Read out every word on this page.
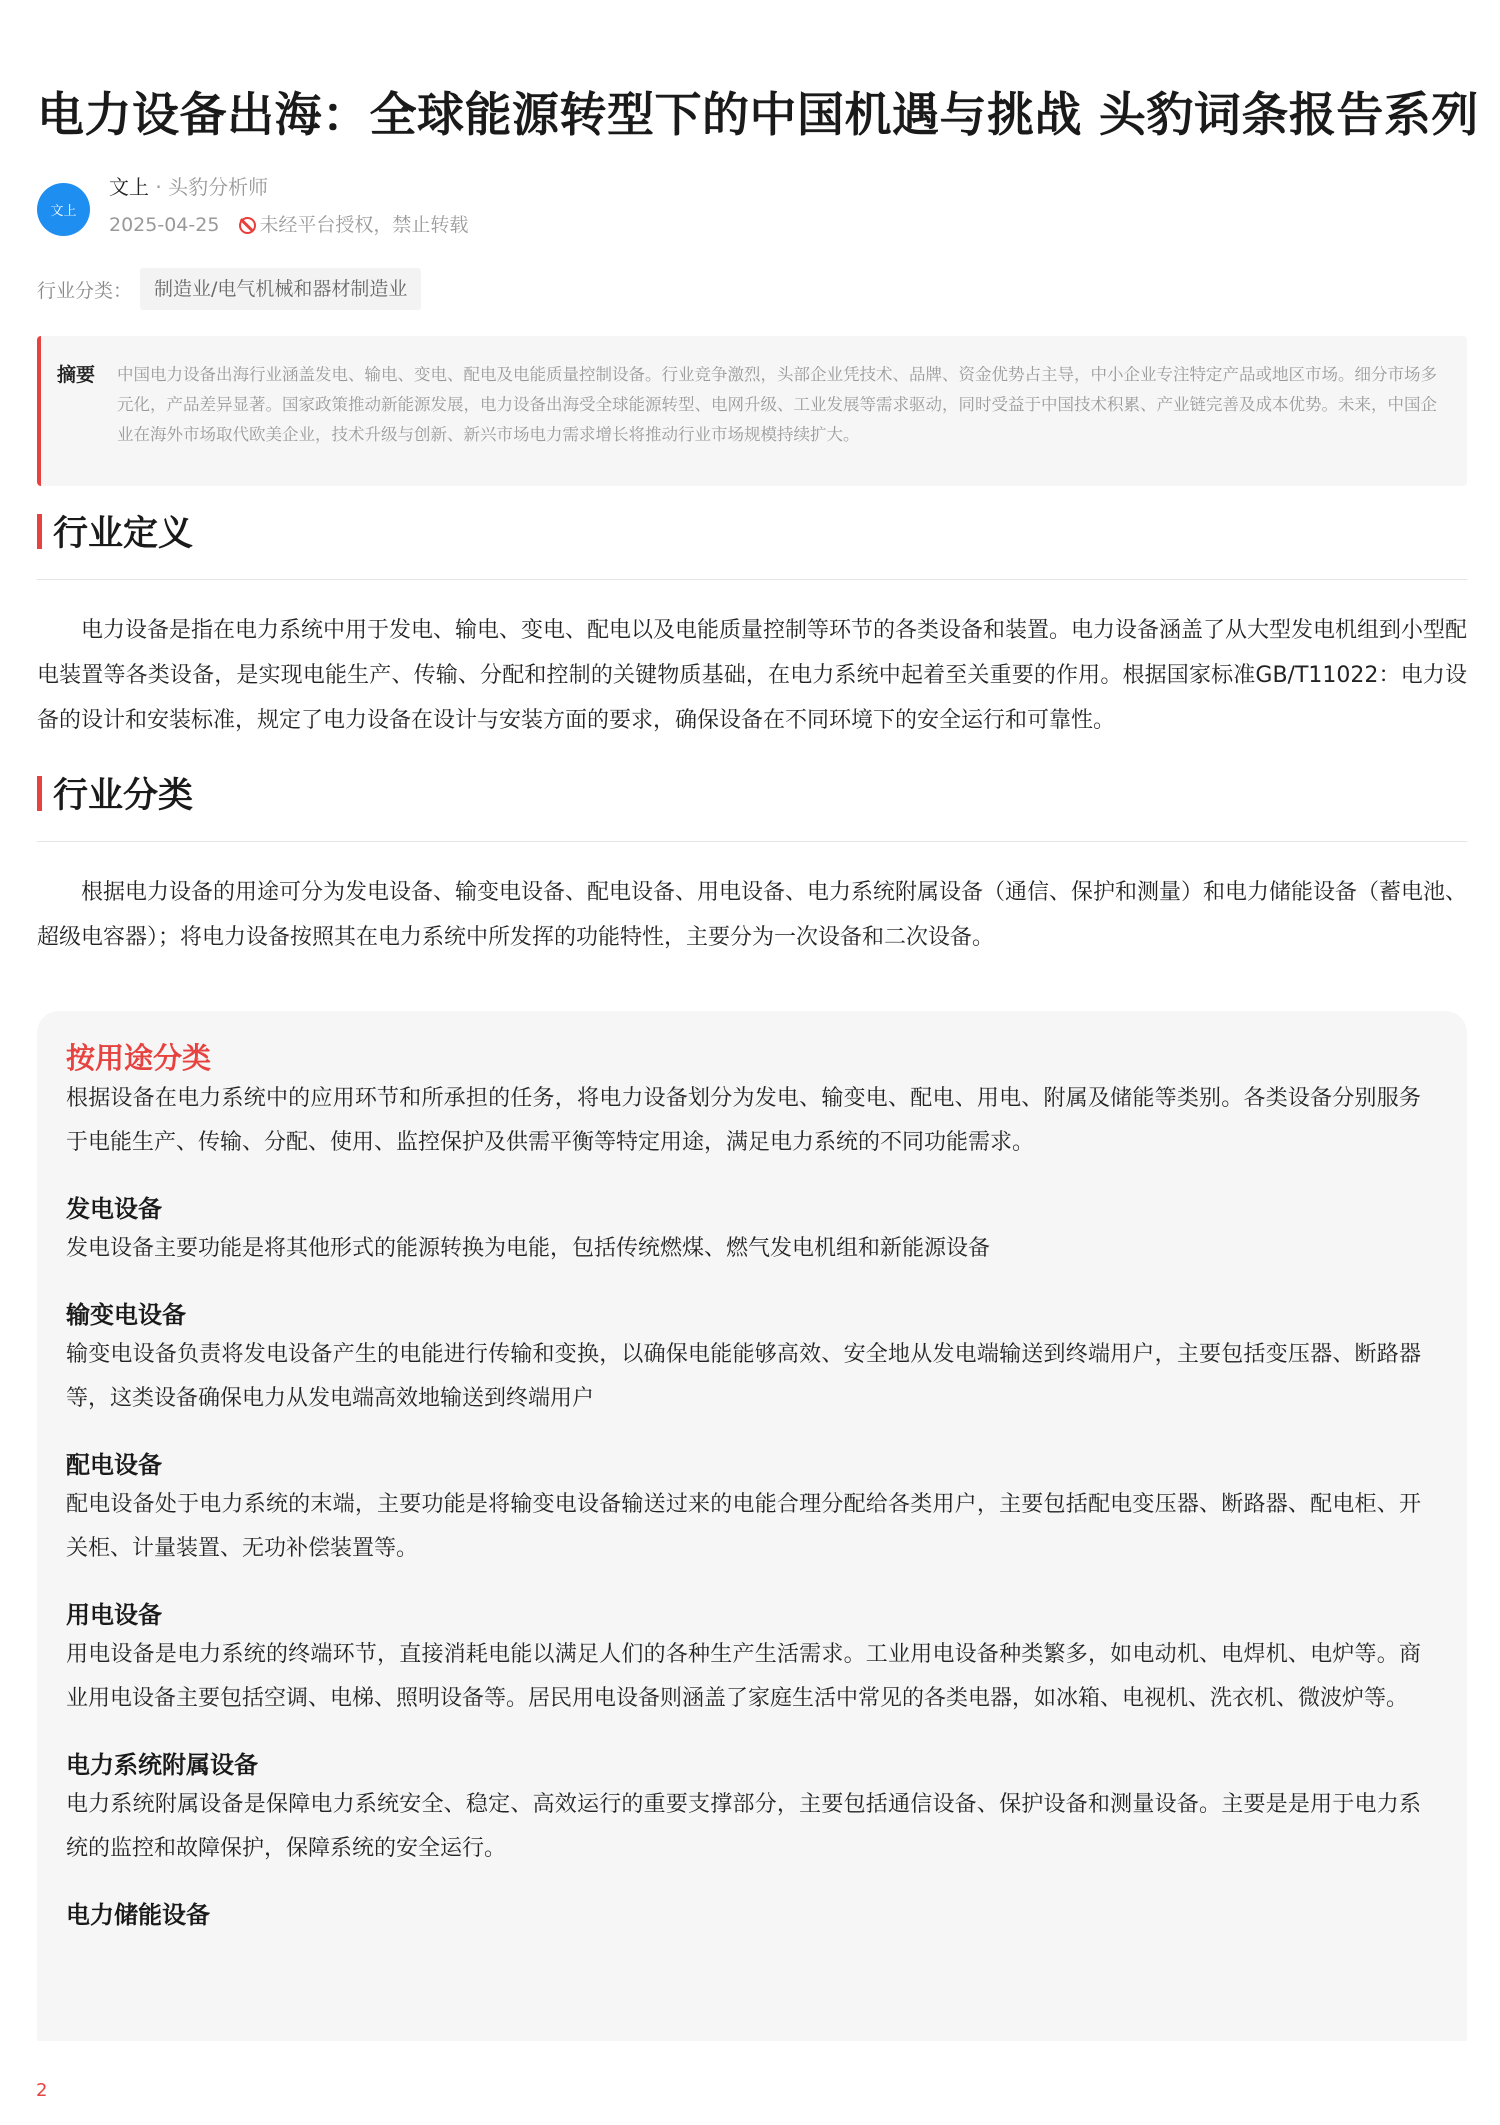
电力设备出海：全球能源转型下的中国机遇与挑战 头豹词条报告系列
文上
文上 · 头豹分析师
2025-04-25 未经平台授权，禁止转载
行业分类：	制造业/电气机械和器材制造业
摘要	中国电力设备出海行业涵盖发电、输电、变电、配电及电能质量控制设备。行业竞争激烈，头部企业凭技术、品牌、资金优势占主导，中小企业专注特定产品或地区市场。细分市场多元化，产品差异显著。国家政策推动新能源发展，电力设备出海受全球能源转型、电网升级、工业发展等需求驱动，同时受益于中国技术积累、产业链完善及成本优势。未来，中国企业在海外市场取代欧美企业，技术升级与创新、新兴市场电力需求增长将推动行业市场规模持续扩大。
行业定义

电力设备是指在电力系统中用于发电、输电、变电、配电以及电能质量控制等环节的各类设备和装置。电力设备涵盖了从大型发电机组到小型配电装置等各类设备，是实现电能生产、传输、分配和控制的关键物质基础，在电力系统中起着至关重要的作用。根据国家标准GB/T11022：电力设备的设计和安装标准，规定了电力设备在设计与安装方面的要求，确保设备在不同环境下的安全运行和可靠性。

行业分类

根据电力设备的用途可分为发电设备、输变电设备、配电设备、用电设备、电力系统附属设备（通信、保护和测量）和电力储能设备（蓄电池、超级电容器）；将电力设备按照其在电力系统中所发挥的功能特性，主要分为一次设备和二次设备。

按用途分类
根据设备在电力系统中的应用环节和所承担的任务，将电力设备划分为发电、输变电、配电、用电、附属及储能等类别。各类设备分别服务于电能生产、传输、分配、使用、监控保护及供需平衡等特定用途，满足电力系统的不同功能需求。
发电设备
发电设备主要功能是将其他形式的能源转换为电能，包括传统燃煤、燃气发电机组和新能源设备
输变电设备
输变电设备负责将发电设备产生的电能进行传输和变换，以确保电能能够高效、安全地从发电端输送到终端用户，主要包括变压器、断路器等，这类设备确保电力从发电端高效地输送到终端用户
配电设备
配电设备处于电力系统的末端，主要功能是将输变电设备输送过来的电能合理分配给各类用户，主要包括配电变压器、断路器、配电柜、开关柜、计量装置、无功补偿装置等。
用电设备
用电设备是电力系统的终端环节，直接消耗电能以满足人们的各种生产生活需求。工业用电设备种类繁多，如电动机、电焊机、电炉等。商业用电设备主要包括空调、电梯、照明设备等。居民用电设备则涵盖了家庭生活中常见的各类电器，如冰箱、电视机、洗衣机、微波炉等。
电力系统附属设备
电力系统附属设备是保障电力系统安全、稳定、高效运行的重要支撑部分，主要包括通信设备、保护设备和测量设备。主要是是用于电力系统的监控和故障保护，保障系统的安全运行。
电力储能设备
2
